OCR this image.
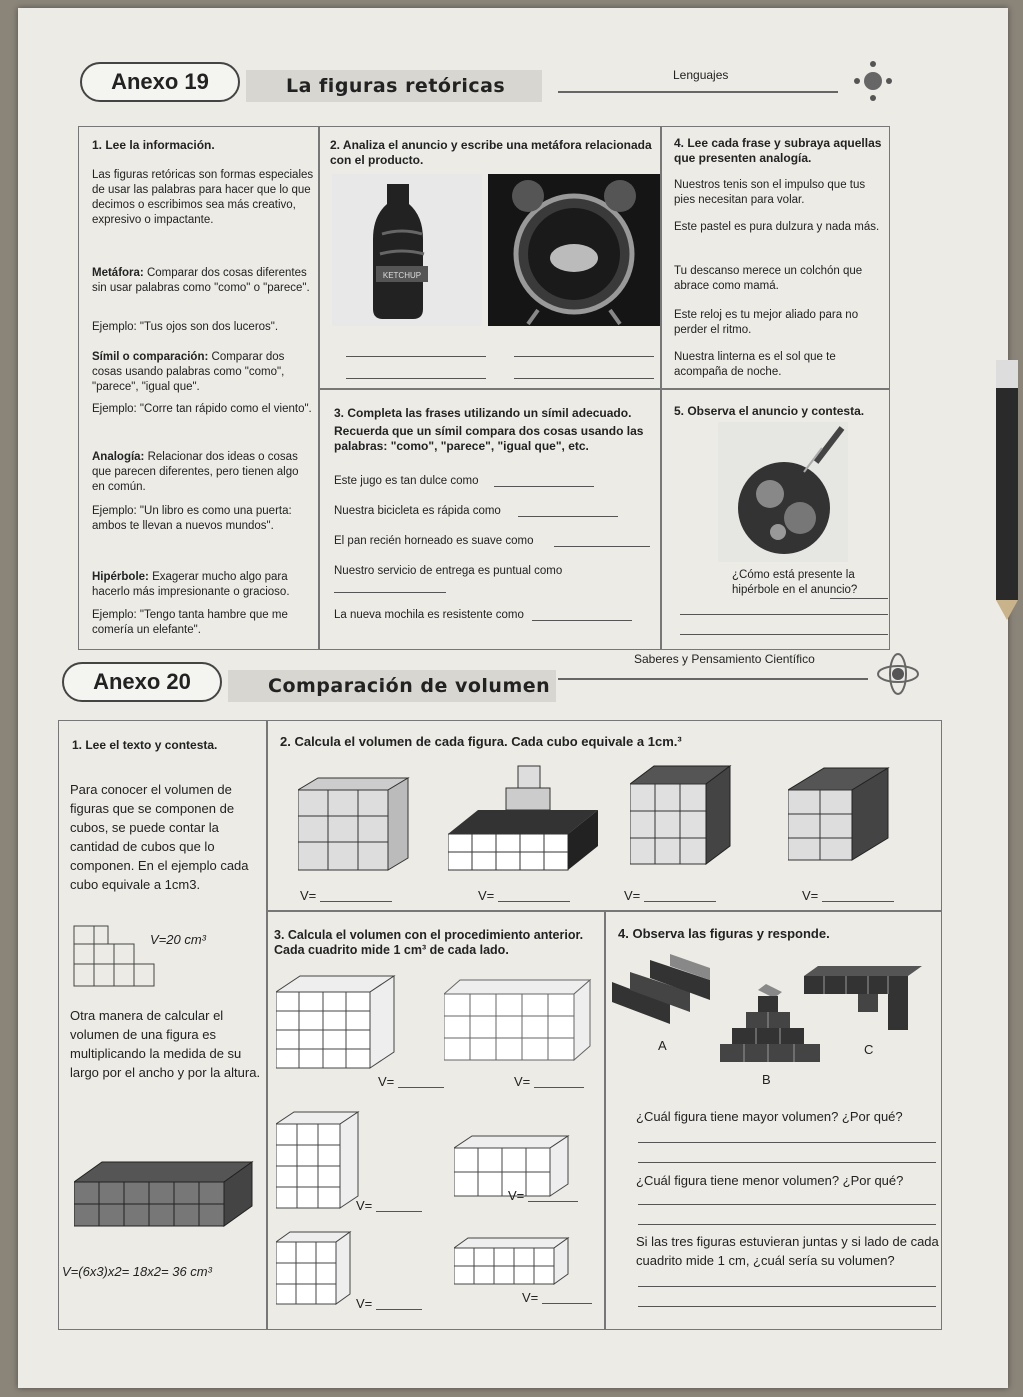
Anexo 19	La figuras retóricas	Lenguajes
1. Lee la información.
Las figuras retóricas son formas especiales de usar las palabras para hacer que lo que decimos o escribimos sea más creativo, expresivo o impactante.
Metáfora: Comparar dos cosas diferentes sin usar palabras como "como" o "parece".
Ejemplo: "Tus ojos son dos luceros".
Símil o comparación: Comparar dos cosas usando palabras como "como", "parece", "igual que".
Ejemplo: "Corre tan rápido como el viento".
Analogía: Relacionar dos ideas o cosas que parecen diferentes, pero tienen algo en común.
Ejemplo: "Un libro es como una puerta: ambos te llevan a nuevos mundos".
Hipérbole: Exagerar mucho algo para hacerlo más impresionante o gracioso.
Ejemplo: "Tengo tanta hambre que me comería un elefante".
2. Analiza el anuncio y escribe una metáfora relacionada con el producto.
KETCHUP
3. Completa las frases utilizando un símil adecuado.
Recuerda que un símil compara dos cosas usando las palabras: "como", "parece", "igual que", etc.
Este jugo es tan dulce como
Nuestra bicicleta es rápida como
El pan recién horneado es suave como
Nuestro servicio de entrega es puntual como
La nueva mochila es resistente como
4. Lee cada frase y subraya aquellas que presenten analogía.
Nuestros tenis son el impulso que tus pies necesitan para volar.
Este pastel es pura dulzura y nada más.
Tu descanso merece un colchón que abrace como mamá.
Este reloj es tu mejor aliado para no perder el ritmo.
Nuestra linterna es el sol que te acompaña de noche.
5. Observa el anuncio y contesta.
¿Cómo está presente la hipérbole en el anuncio?
Anexo 20	Comparación de volumen
Saberes y Pensamiento Científico
1. Lee el texto y contesta.
Para conocer el volumen de figuras que se componen de cubos, se puede contar la cantidad de cubos que lo componen. En el ejemplo cada cubo equivale a 1cm3.
V=20 cm³
Otra manera de calcular el volumen de una figura es multiplicando la medida de su largo por el ancho y por la altura.
V=(6x3)x2= 18x2= 36 cm³
2. Calcula el volumen de cada figura. Cada cubo equivale a 1cm.³
V=	V=	V=	V=
3. Calcula el volumen con el procedimiento anterior. Cada cuadrito mide 1 cm³ de cada lado.
V=	V=
V=
V=
V=	V=
4. Observa las figuras y responde.
A
B
C
¿Cuál figura tiene mayor volumen? ¿Por qué?
¿Cuál figura tiene menor volumen? ¿Por qué?
Si las tres figuras estuvieran juntas y si lado de cada cuadrito mide 1 cm, ¿cuál sería su volumen?
